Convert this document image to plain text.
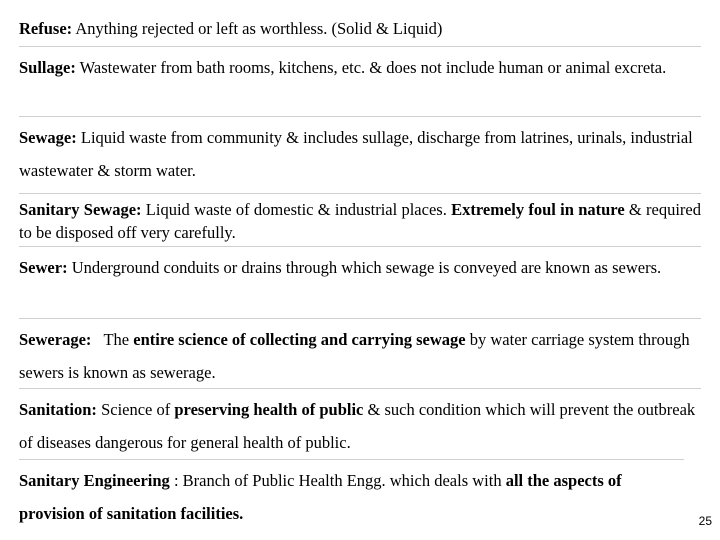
Refuse: Anything rejected or left as worthless. (Solid & Liquid)

Sullage: Wastewater from bath rooms, kitchens, etc. & does not include human or animal excreta.

Sewage: Liquid waste from community & includes sullage, discharge from latrines, urinals, industrial wastewater & storm water.

Sanitary Sewage: Liquid waste of domestic & industrial places. Extremely foul in nature & required to be disposed off very carefully.

Sewer: Underground conduits or drains through which sewage is conveyed are known as sewers.

Sewerage: The entire science of collecting and carrying sewage by water carriage system through sewers is known as sewerage.

Sanitation: Science of preserving health of public & such condition which will prevent the outbreak of diseases dangerous for general health of public.

Sanitary Engineering : Branch of Public Health Engg. which deals with all the aspects of provision of sanitation facilities.	25
